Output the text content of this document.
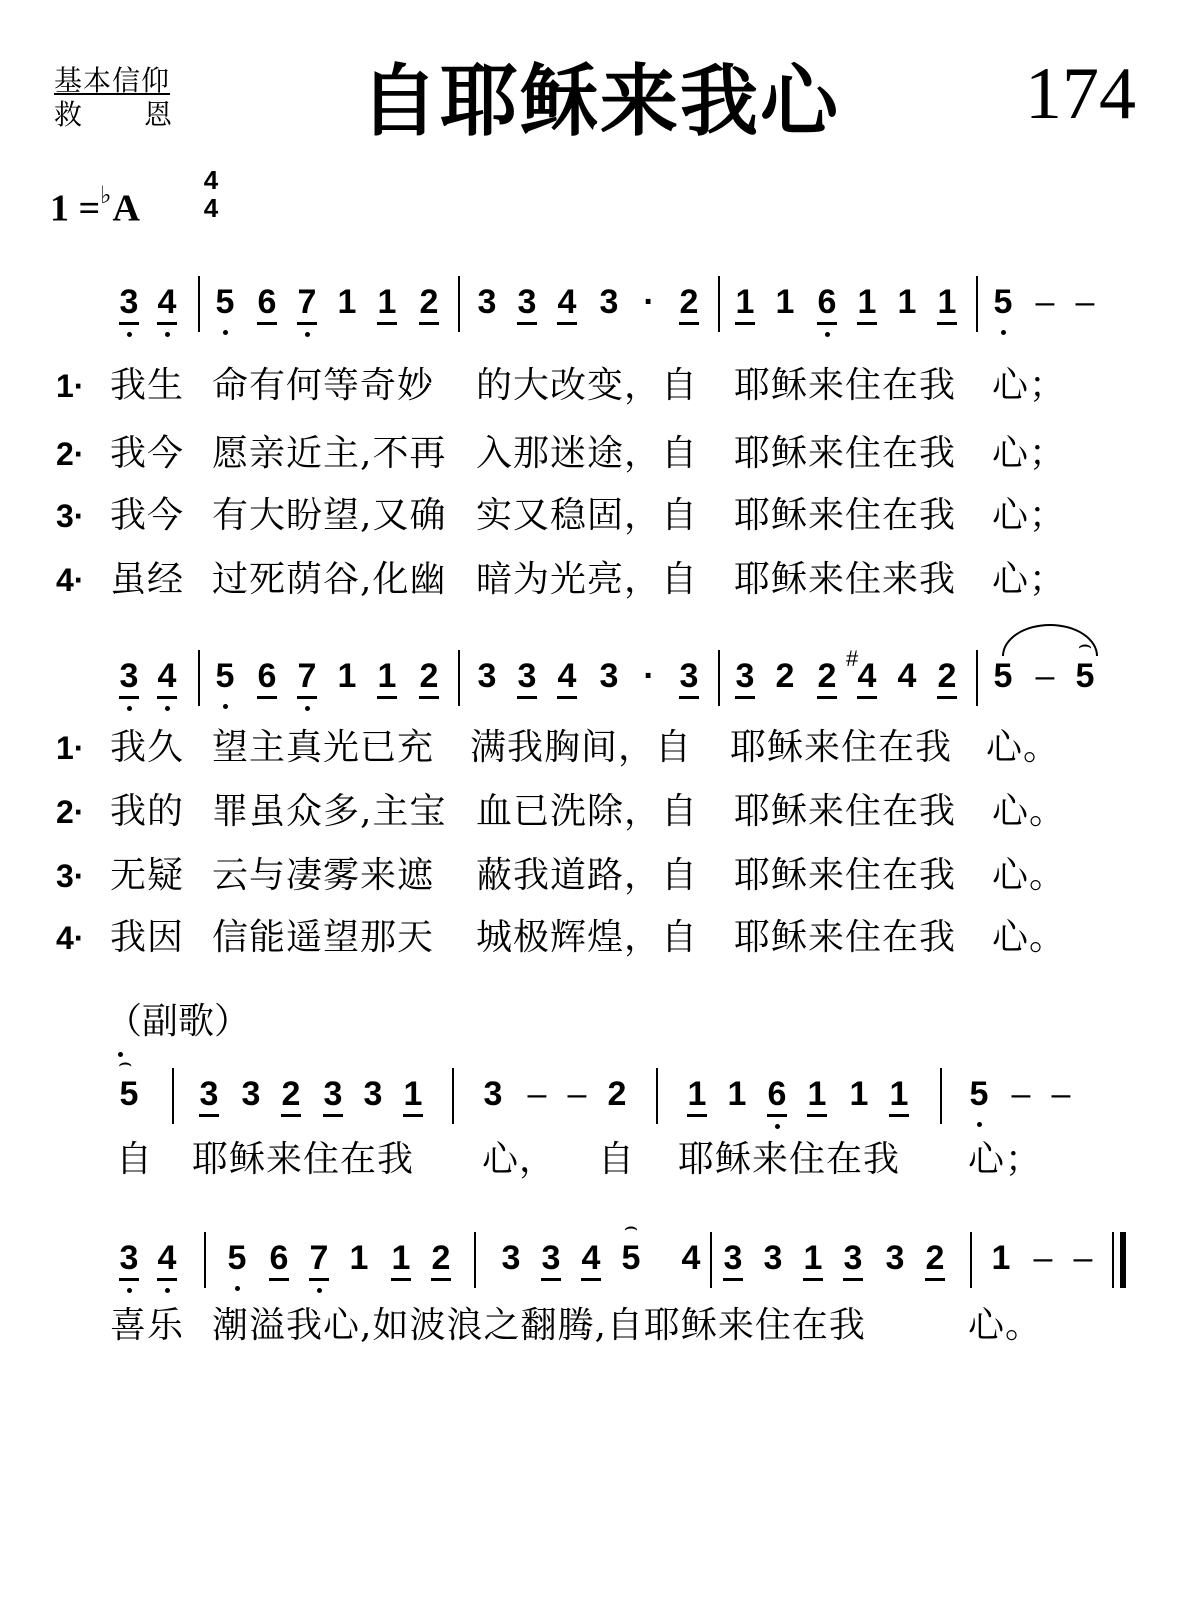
基本信仰
救 恩	自耶稣来我心	174
1 =♭A
4
4
3 4 5 6 7 1 1 2 3 3 4 3 · 2 1 1 6 1 1 1 5 – –
1· 我生 命有何等奇妙 的大改变，自 耶稣来住在我 心；
2· 我今 愿亲近主,不再 入那迷途，自 耶稣来住在我 心；
3· 我今 有大盼望,又确 实又稳固，自 耶稣来住在我 心；
4· 虽经 过死荫谷,化幽 暗为光亮，自 耶稣来住来我 心；
3 4 5 6 7 1 1 2 3 3 4 3 · 3 3 2 2 # 4 4 2 5 – ⌢ 5
1· 我久 望主真光已充 满我胸间，自 耶稣来住在我 心。
2· 我的 罪虽众多,主宝 血已洗除，自 耶稣来住在我 心。
3· 无疑 云与凄雾来遮 蔽我道路，自 耶稣来住在我 心。
4· 我因 信能遥望那天 城极辉煌，自 耶稣来住在我 心。
（副歌）
⌢ 5 3 3 2 3 3 1 3 – – 2 1 1 6 1 1 1 5 – –
自 耶稣来住在我 心， 自 耶稣来住在我 心；
3 4 5 6 7 1 1 2 3 3 4 ⌢ 5 4 3 3 1 3 3 2 1 – –
喜乐 潮溢我心,如波浪之翻腾,自耶稣来住在我	心。
